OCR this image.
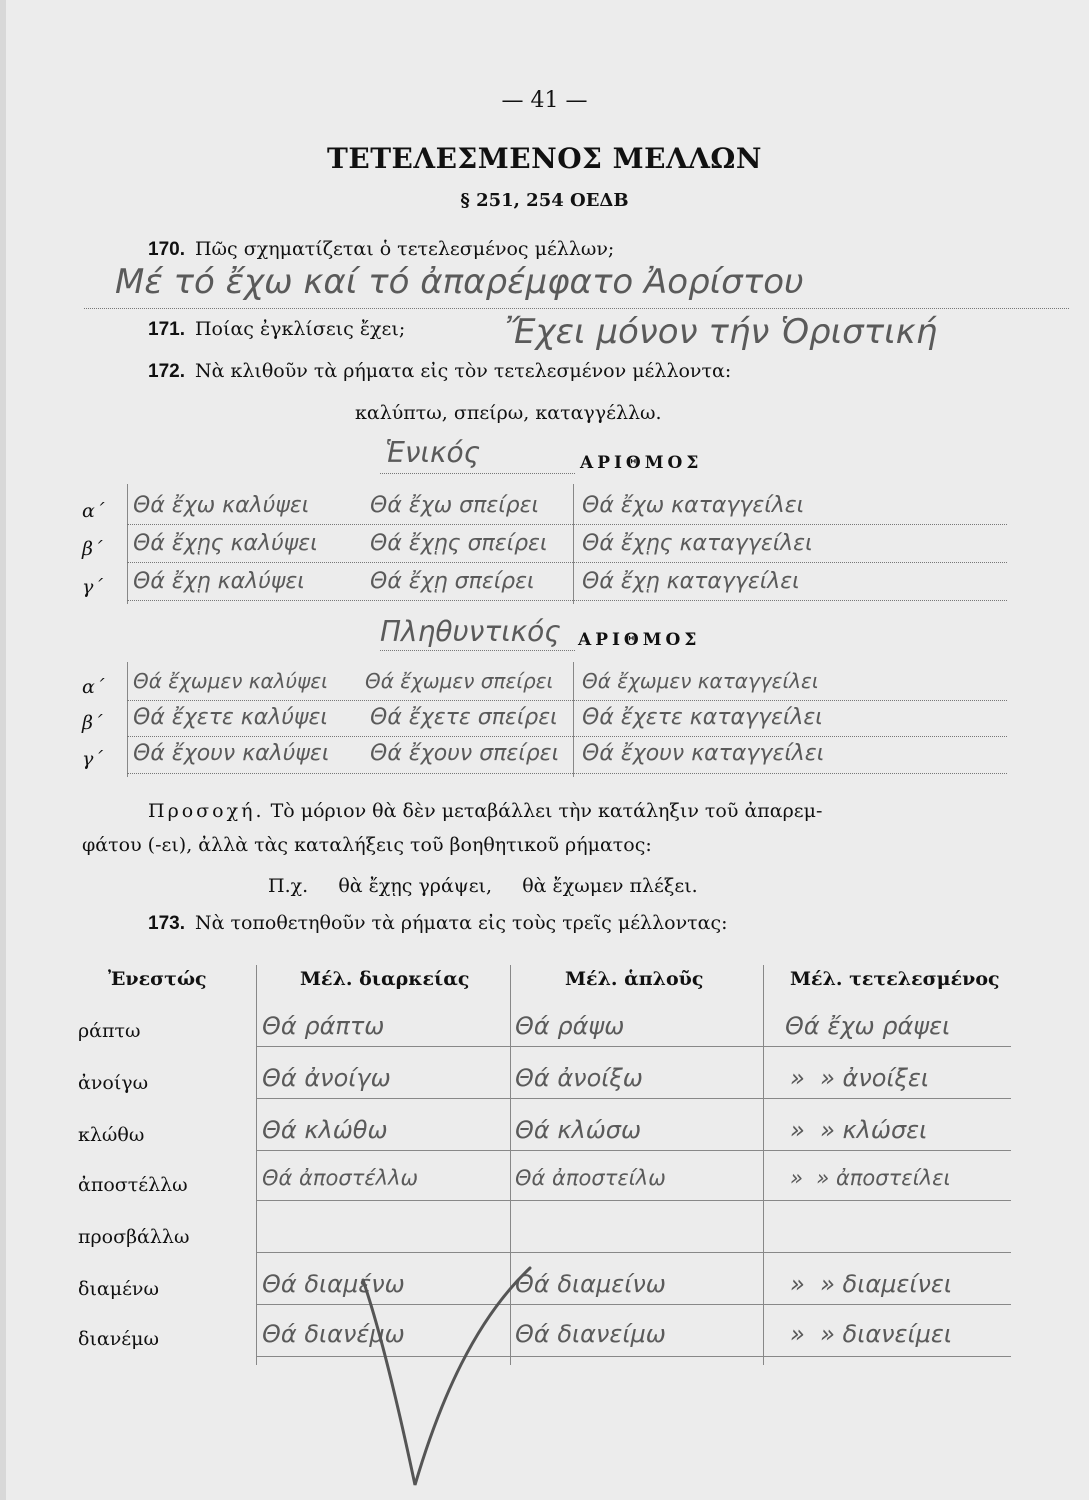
— 41 —
ΤΕΤΕΛΕΣΜΕΝΟΣ ΜΕΛΛΩΝ
§ 251, 254 ΟΕΔΒ
170. Πῶς σχηματίζεται ὁ τετελεσμένος μέλλων;
Μέ τό ἔχω καί τό ἀπαρέμφατο Ἀορίστου
171. Ποίας ἐγκλίσεις ἔχει;	Ἔχει μόνον τήν Ὁριστική
172. Νὰ κλιθοῦν τὰ ρήματα εἰς τὸν τετελεσμένον μέλλοντα:
καλύπτω, σπείρω, καταγγέλλω.
Ἑνικός	ΑΡΙΘΜΟΣ
α΄ Θά ἔχω καλύψει	Θά ἔχω σπείρει Θά ἔχω καταγγείλει
β΄ Θά ἔχῃς καλύψει Θά ἔχῃς σπείρει Θά ἔχῃς καταγγείλει
γ΄ Θά ἔχῃ καλύψει	Θά ἔχῃ σπείρει Θά ἔχῃ καταγγείλει
Πληθυντικός ΑΡΙΘΜΟΣ
α΄ Θά ἔχωμεν καλύψει Θά ἔχωμεν σπείρει Θά ἔχωμεν καταγγείλει
β΄ Θά ἔχετε καλύψει Θά ἔχετε σπείρει Θά ἔχετε καταγγείλει
γ΄ Θά ἔχουν καλύψει Θά ἔχουν σπείρει Θά ἔχουν καταγγείλει
Προσοχή. Τὸ μόριον θὰ δὲν μεταβάλλει τὴν κατάληξιν τοῦ ἀπαρεμ-
φάτου (-ει), ἀλλὰ τὰς καταλήξεις τοῦ βοηθητικοῦ ρήματος:
Π.χ.     θὰ ἔχῃς γράψει,     θὰ ἔχωμεν πλέξει.
173. Νὰ τοποθετηθοῦν τὰ ρήματα εἰς τοὺς τρεῖς μέλλοντας:
Ἐνεστώς	Μέλ. διαρκείας	Μέλ. ἁπλοῦς	Μέλ. τετελεσμένος
ράπτω	Θά ράπτω	Θά ράψω	Θά ἔχω ράψει
ἀνοίγω	Θά ἀνοίγω	Θά ἀνοίξω	»  » ἀνοίξει
κλώθω	Θά κλώθω	Θά κλώσω	»  » κλώσει
ἀποστέλλω	Θά ἀποστέλλω	Θά ἀποστείλω	»  » ἀποστείλει
προσβάλλω
διαμένω	Θά διαμένω	Θά διαμείνω	»  » διαμείνει
διανέμω	Θά διανέμω	Θά διανείμω	»  » διανείμει
